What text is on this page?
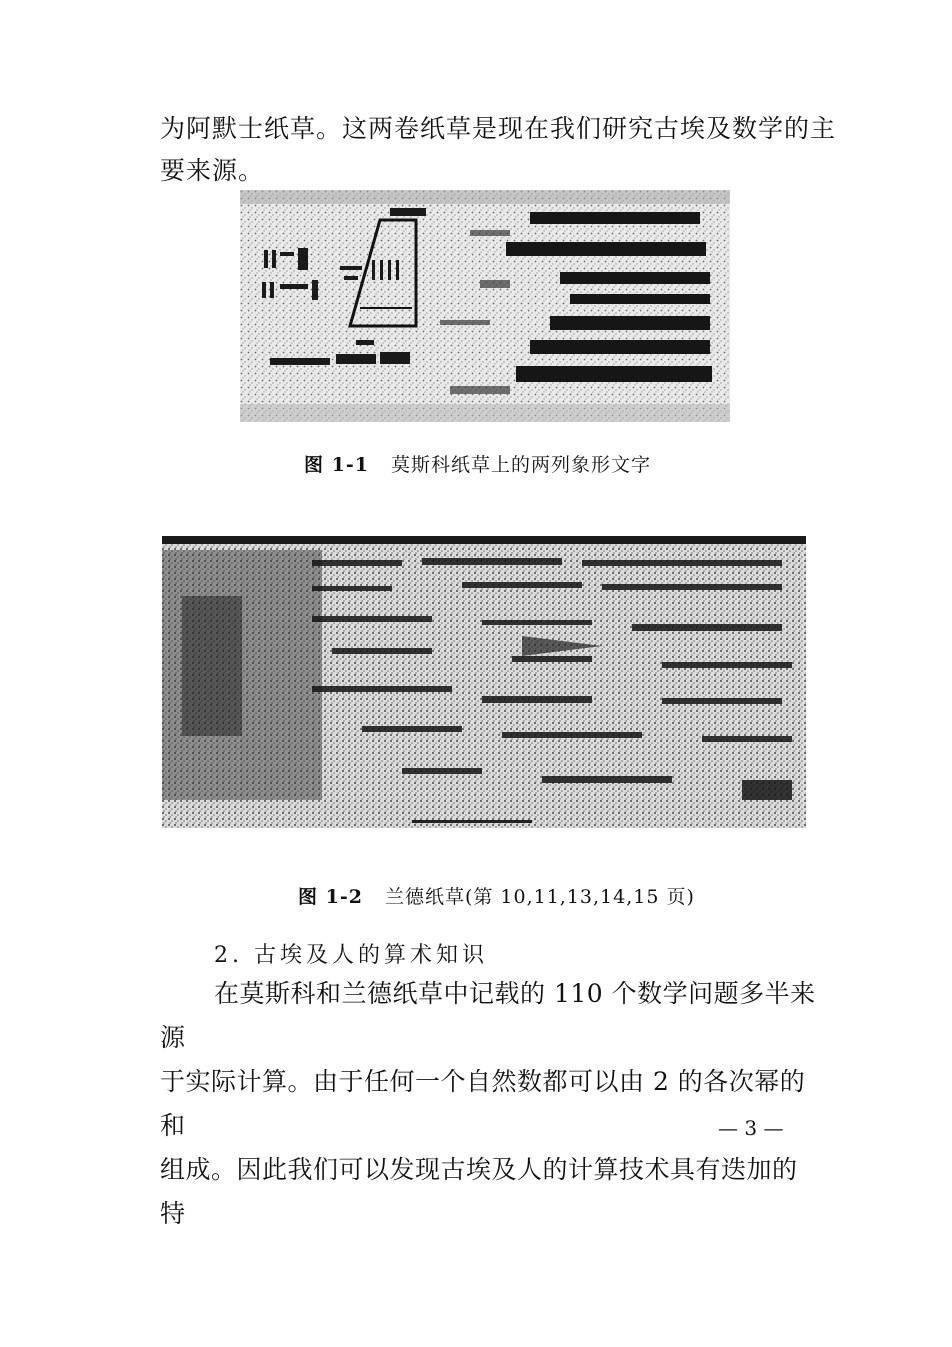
为阿默士纸草。这两卷纸草是现在我们研究古埃及数学的主
要来源。
图 1-1 莫斯科纸草上的两列象形文字
图 1-2 兰德纸草(第 10,11,13,14,15 页)
2. 古埃及人的算术知识
在莫斯科和兰德纸草中记载的 110 个数学问题多半来源
于实际计算。由于任何一个自然数都可以由 2 的各次幂的和
组成。因此我们可以发现古埃及人的计算技术具有迭加的特
— 3 —
